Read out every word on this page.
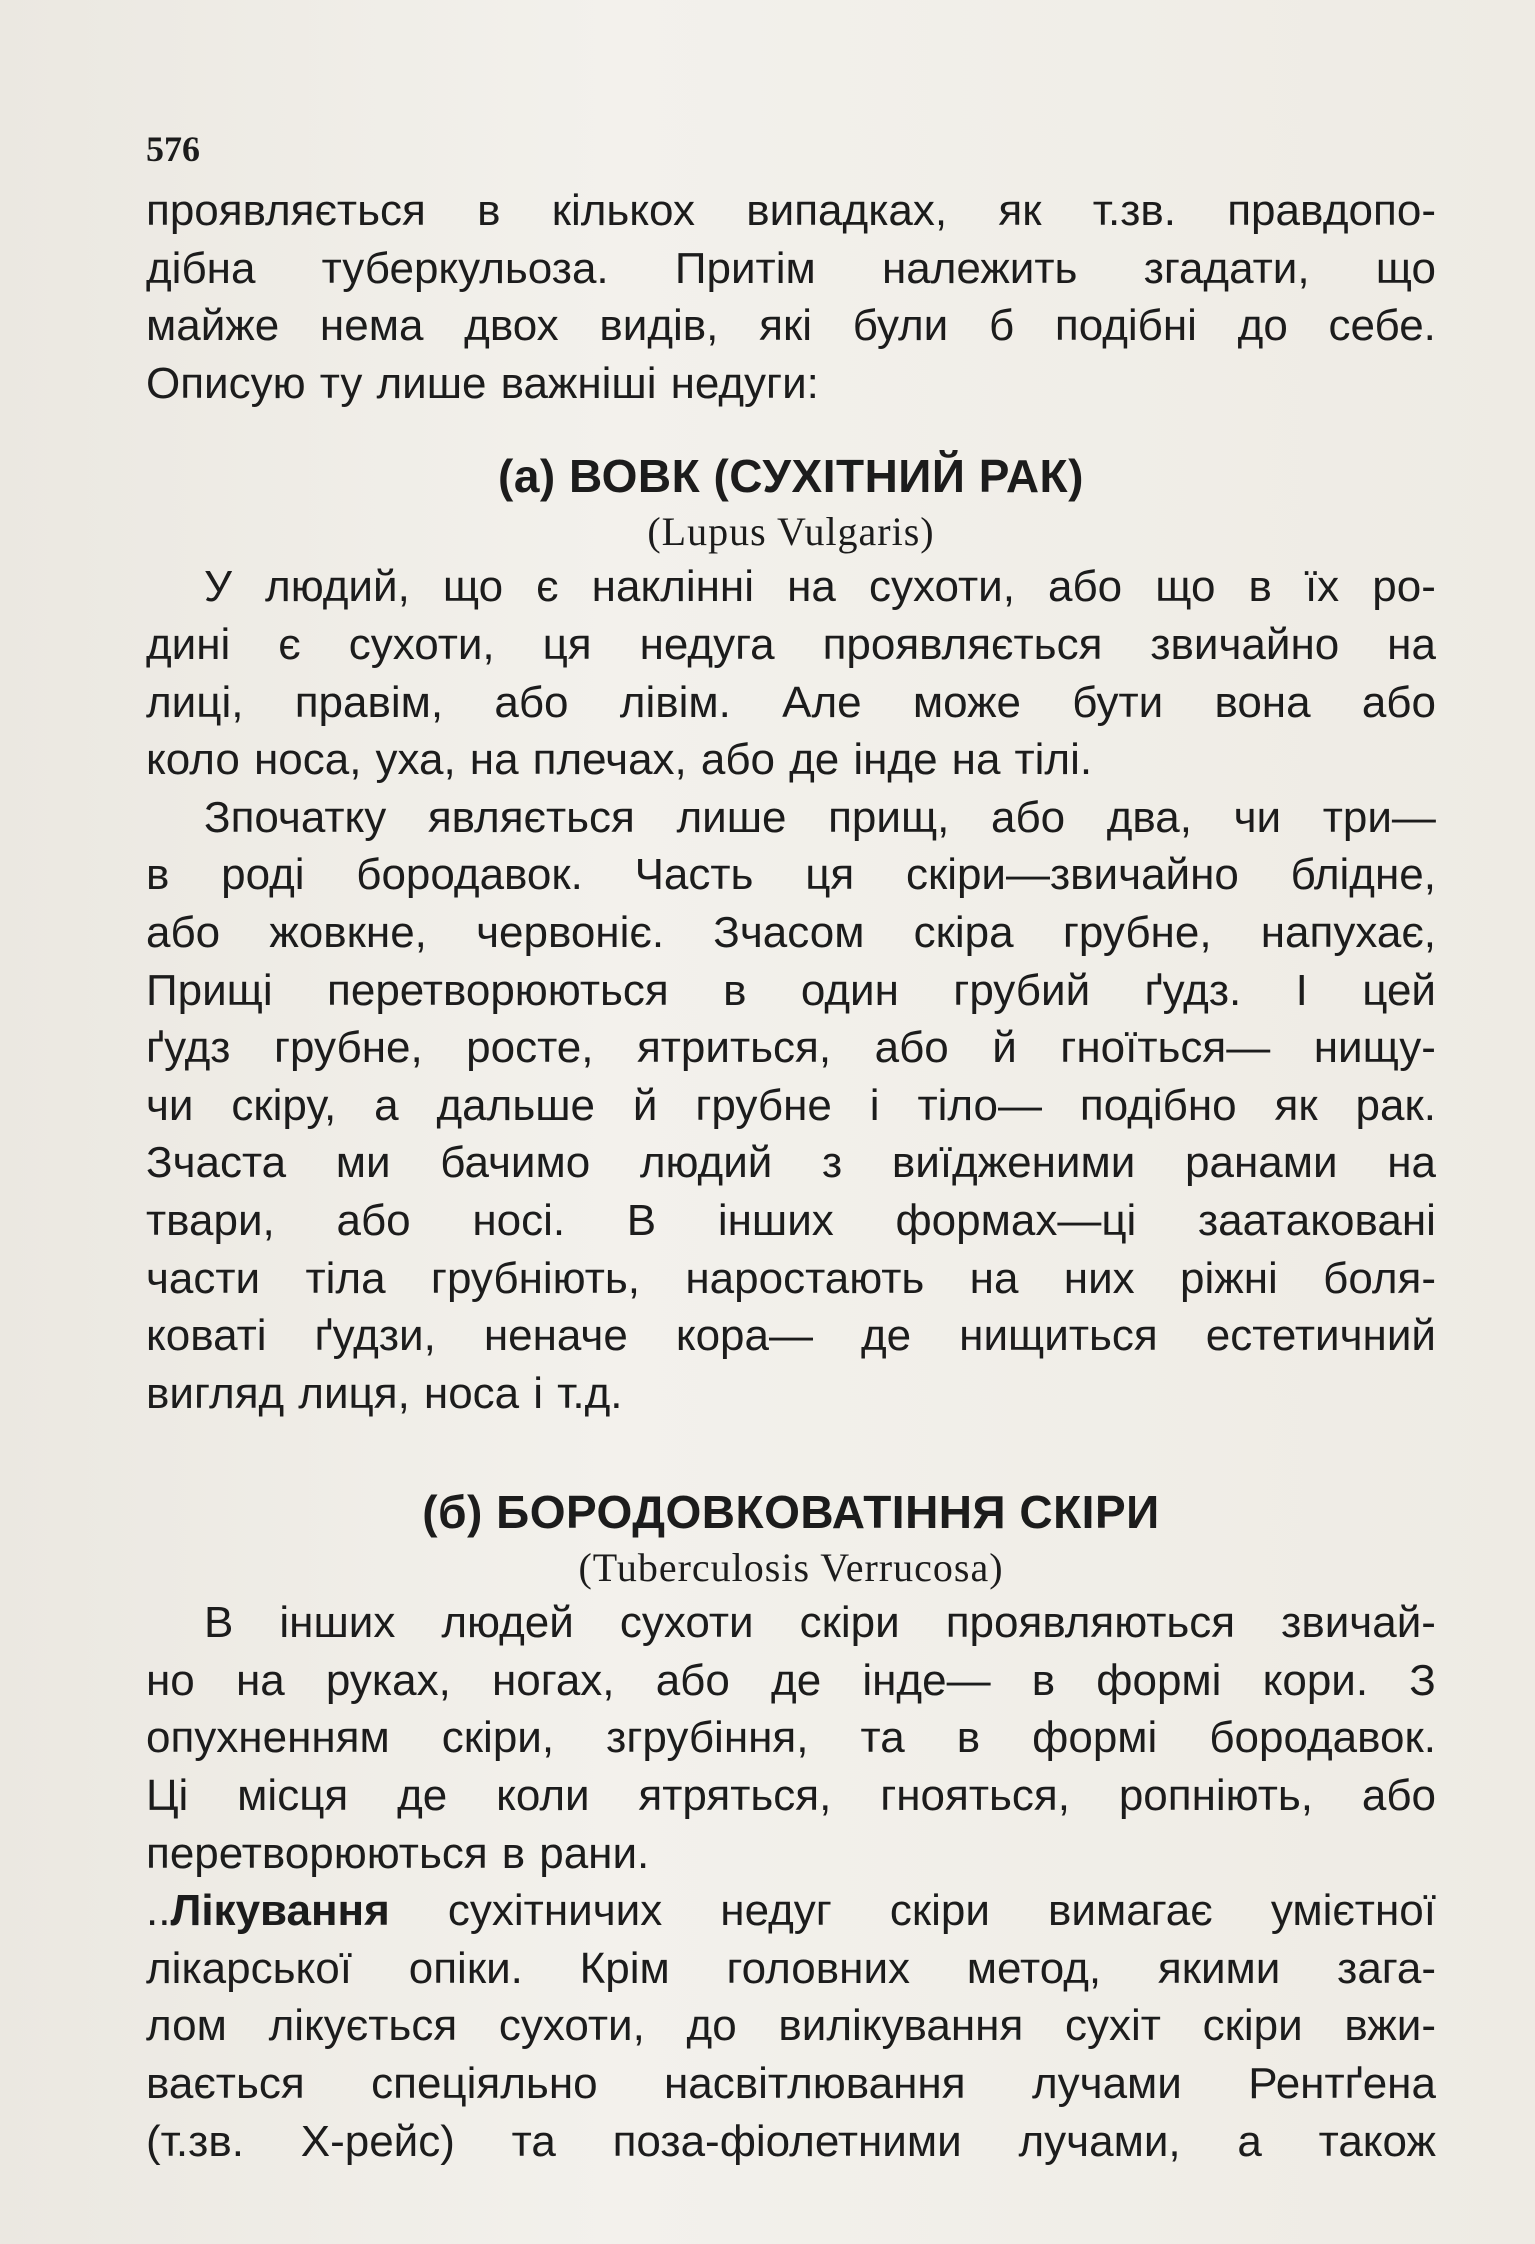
576
проявляється в кількох випадках, як т.зв. правдопо-
дібна туберкульоза. Притім належить згадати, що
майже нема двох видів, які були б подібні до себе.
Описую ту лише важніші недуги:
(а) ВОВК (СУХІТНИЙ РАК)
(Lupus Vulgaris)
У людий, що є наклінні на сухоти, або що в їх ро-
дині є сухоти, ця недуга проявляється звичайно на
лиці, правім, або лівім. Але може бути вона або
коло носа, уха, на плечах, або де інде на тілі.
Зпочатку являється лише прищ, або два, чи три—
в роді бородавок. Часть ця скіри—звичайно блідне,
або жовкне, червоніє. Зчасом скіра грубне, напухає,
Прищі перетворюються в один грубий ґудз. І цей
ґудз грубне, росте, ятриться, або й гноїться— нищу-
чи скіру, а дальше й грубне і тіло— подібно як рак.
Зчаста ми бачимо людий з виїдженими ранами на
твари, або носі. В інших формах—ці заатаковані
части тіла грубніють, наростають на них ріжні боля-
коваті ґудзи, неначе кора— де нищиться естетичний
вигляд лиця, носа і т.д.
(б) БОРОДОВКОВАТІННЯ СКІРИ
(Tuberculosis Verrucosa)
В інших людей сухоти скіри проявляються звичай-
но на руках, ногах, або де інде— в формі кори. З
опухненням скіри, згрубіння, та в формі бородавок.
Ці місця де коли ятряться, гнояться, ропніють, або
перетворюються в рани.
..Лікування сухітничих недуг скіри вимагає умієтної
лікарської опіки. Крім головних метод, якими зага-
лом лікується сухоти, до вилікування сухіт скіри вжи-
вається спеціяльно насвітлювання лучами Рентґена
(т.зв. Х-рейс) та поза-фіолетними лучами, а також
